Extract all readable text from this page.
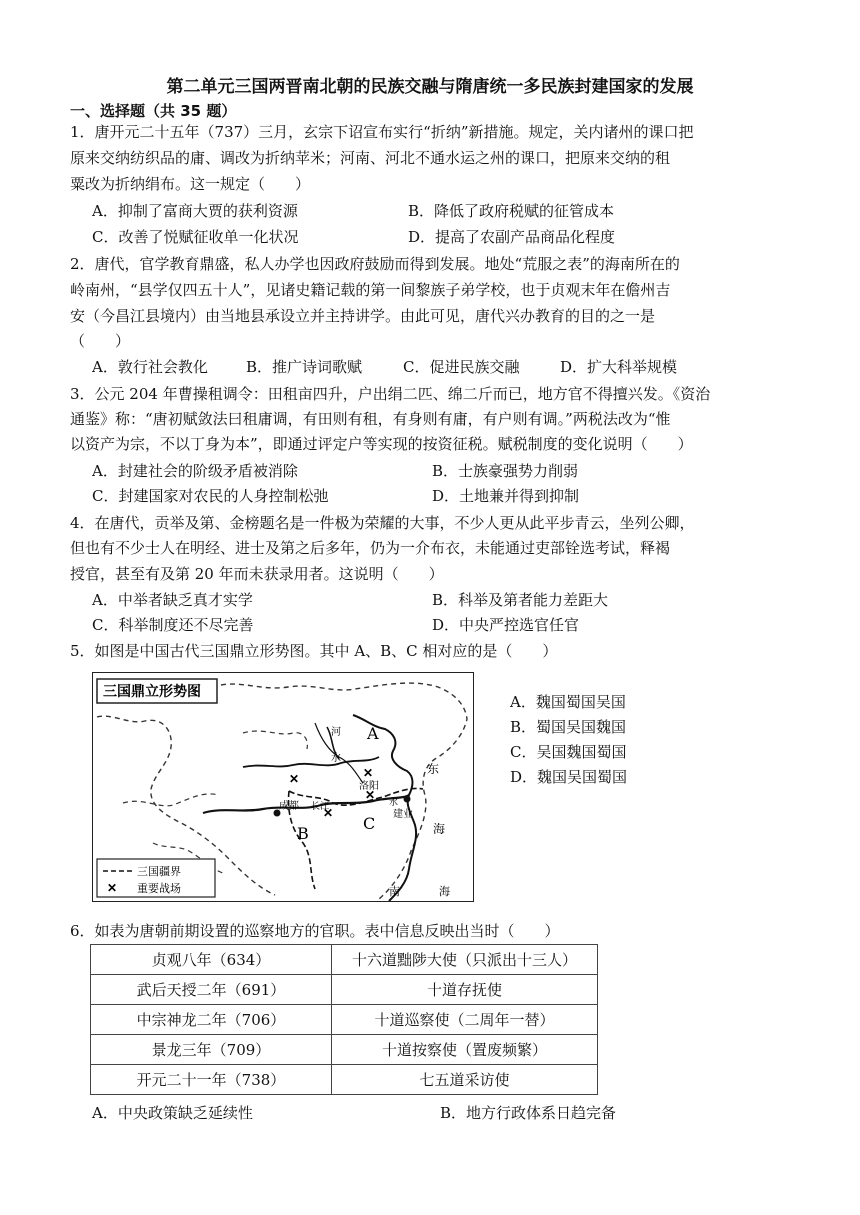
第二单元三国两晋南北朝的民族交融与隋唐统一多民族封建国家的发展
一、选择题（共 35 题）
1．唐开元二十五年（737）三月，玄宗下诏宣布实行“折纳”新措施。规定，关内诸州的课口把
原来交纳纺织品的庸、调改为折纳苹米；河南、河北不通水运之州的课口，把原来交纳的租
粟改为折纳绢布。这一规定（　　）
A．抑制了富商大贾的获利资源	B．降低了政府税赋的征管成本
C．改善了悦赋征收单一化状况	D．提高了农副产品商品化程度
2．唐代，官学教育鼎盛，私人办学也因政府鼓励而得到发展。地处“荒服之表”的海南所在的
岭南州，“县学仅四五十人”，见诸史籍记载的第一间黎族子弟学校，也于贞观末年在儋州吉
安（今昌江县境内）由当地县承设立并主持讲学。由此可见，唐代兴办教育的目的之一是
（　　）
A．敦行社会教化	B．推广诗词歌赋	C．促进民族交融	D．扩大科举规模
3．公元 204 年曹操租调令：田租亩四升，户出绢二匹、绵二斤而已，地方官不得擅兴发。《资治
通鉴》称：“唐初赋敛法曰租庸调，有田则有租，有身则有庸，有户则有调。”两税法改为“惟
以资产为宗，不以丁身为本”，即通过评定户等实现的按资征税。赋税制度的变化说明（　　）
A．封建社会的阶级矛盾被消除	B．士族豪强势力削弱
C．封建国家对农民的人身控制松弛	D．土地兼并得到抑制
4．在唐代，贡举及第、金榜题名是一件极为荣耀的大事，不少人更从此平步青云，坐列公卿，
但也有不少士人在明经、进士及第之后多年，仍为一介布衣，未能通过吏部铨选考试，释褐
授官，甚至有及第 20 年而未获录用者。这说明（　　）
A．中举者缺乏真才实学	B．科举及第者能力差距大
C．科举制度还不尽完善	D．中央严控选官任官
5．如图是中国古代三国鼎立形势图。其中 A、B、C 相对应的是（　　）
三国鼎立形势图
A
B
C
河
水
洛阳
成都 长江
东
海
南	海
水
建业
✕
✕
✕
✕
三国疆界
✕ 重要战场
A．魏国蜀国吴国
B．蜀国吴国魏国
C．吴国魏国蜀国
D．魏国吴国蜀国
6．如表为唐朝前期设置的巡察地方的官职。表中信息反映出当时（　　）
贞观八年（634）	十六道黜陟大使（只派出十三人）
武后天授二年（691）	十道存抚使
中宗神龙二年（706）	十道巡察使（二周年一替）
景龙三年（709）	十道按察使（置废频繁）
开元二十一年（738）	七五道采访使
A．中央政策缺乏延续性	B．地方行政体系日趋完备
